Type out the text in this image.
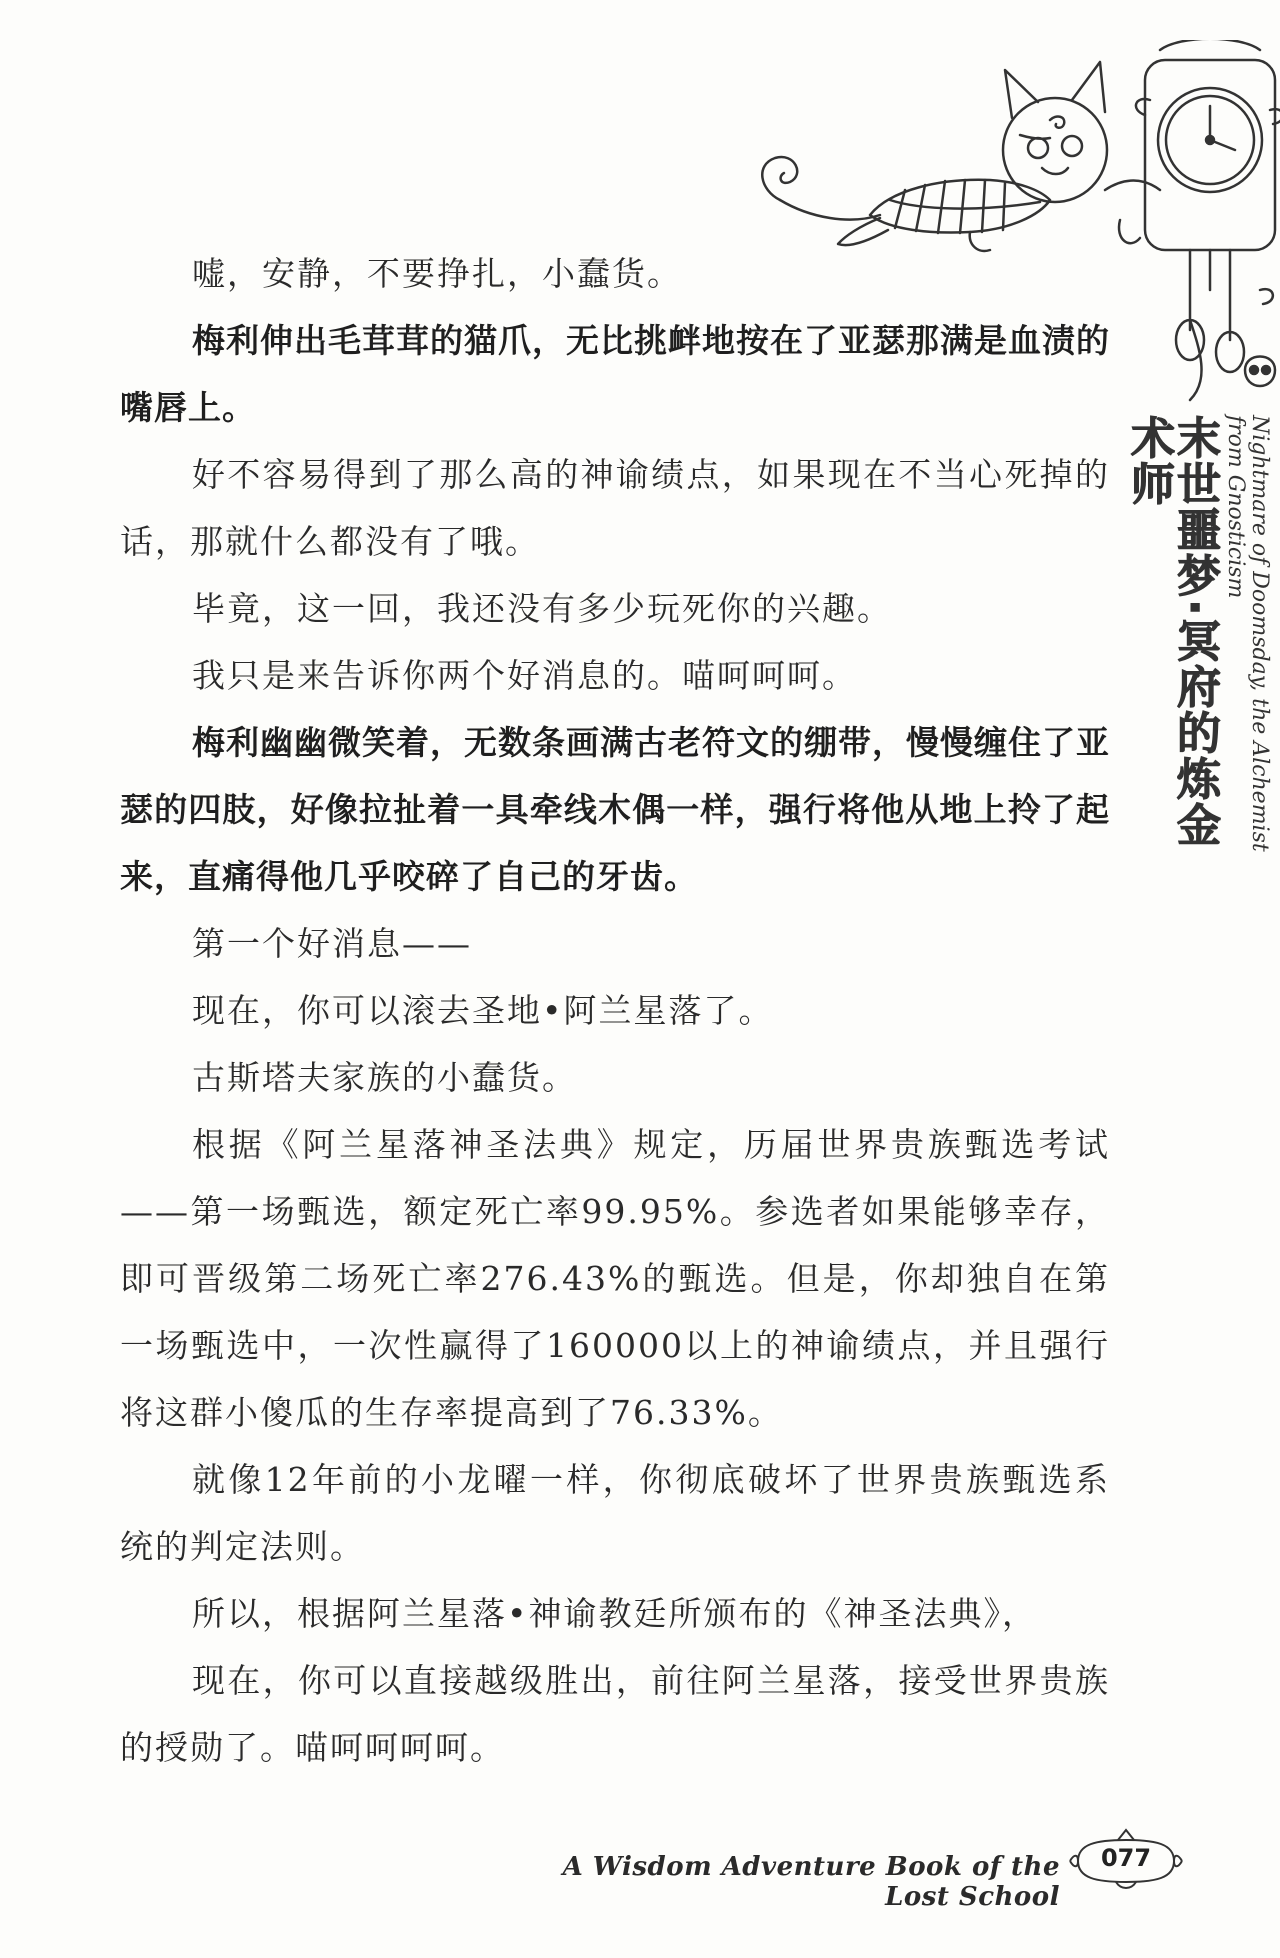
末世噩梦·冥府的炼金术师	Nightmare of Doomsday, the Alchemist from Gnosticism

嘘，安静，不要挣扎，小蠢货。

梅利伸出毛茸茸的猫爪，无比挑衅地按在了亚瑟那满是血渍的嘴唇上。

好不容易得到了那么高的神谕绩点，如果现在不当心死掉的话，那就什么都没有了哦。

毕竟，这一回，我还没有多少玩死你的兴趣。

我只是来告诉你两个好消息的。喵呵呵呵。

梅利幽幽微笑着，无数条画满古老符文的绷带，慢慢缠住了亚瑟的四肢，好像拉扯着一具牵线木偶一样，强行将他从地上拎了起来，直痛得他几乎咬碎了自己的牙齿。

第一个好消息——

现在，你可以滚去圣地•阿兰星落了。

古斯塔夫家族的小蠢货。

根据《阿兰星落神圣法典》规定，历届世界贵族甄选考试——第一场甄选，额定死亡率99.95%。参选者如果能够幸存，即可晋级第二场死亡率276.43%的甄选。但是，你却独自在第一场甄选中，一次性赢得了160000以上的神谕绩点，并且强行将这群小傻瓜的生存率提高到了76.33%。

就像12年前的小龙曜一样，你彻底破坏了世界贵族甄选系统的判定法则。

所以，根据阿兰星落•神谕教廷所颁布的《神圣法典》，

现在，你可以直接越级胜出，前往阿兰星落，接受世界贵族的授勋了。喵呵呵呵呵。

A Wisdom Adventure Book of the Lost School
077
